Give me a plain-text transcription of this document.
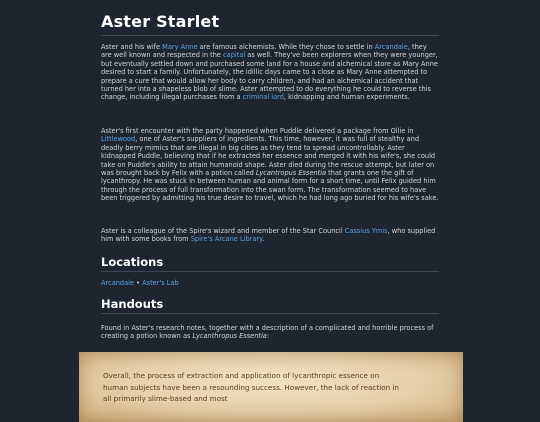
Aster Starlet

Aster and his wife Mary Anne are famous alchemists. While they chose to settle in Arcandale, they are well known and respected in the capital as well. They've been explorers when they were younger, but eventually settled down and purchased some land for a house and alchemical store as Mary Anne desired to start a family. Unfortunately, the idillic days came to a close as Mary Anne attempted to prepare a cure that would allow her body to carry children, and had an alchemical accident that turned her into a shapeless blob of slime. Aster attempted to do everything he could to reverse this change, including illegal purchases from a criminal lord, kidnapping and human experiments.

Aster's first encounter with the party happened when Puddle delivered a package from Ollie in Littlewood, one of Aster's suppliers of ingredients. This time, however, it was full of stealthy and deadly berry mimics that are illegal in big cities as they tend to spread uncontrollably. Aster kidnapped Puddle, believing that if he extracted her essence and merged it with his wife's, she could take on Puddle's ability to attain humanoid shape. Aster died during the rescue attempt, but later on was brought back by Felix with a potion called Lycantropus Essentia that grants one the gift of lycanthropy. He was stuck in between human and animal form for a short time, until Felix guided him through the process of full transformation into the swan form. The transformation seemed to have been triggered by admitting his true desire to travel, which he had long ago buried for his wife's sake.

Aster is a colleague of the Spire's wizard and member of the Star Council Cassius Ymis, who supplied him with some books from Spire's Arcane Library.

Locations
Arcandale • Aster's Lab
Handouts

Found in Aster's research notes, together with a description of a complicated and horrible process of creating a potion known as Lycanthropus Essentia:

Overall, the process of extraction and application of lycanthropic essence on human subjects have been a resounding success. However, the lack of reaction in all primarily slime-based and most
